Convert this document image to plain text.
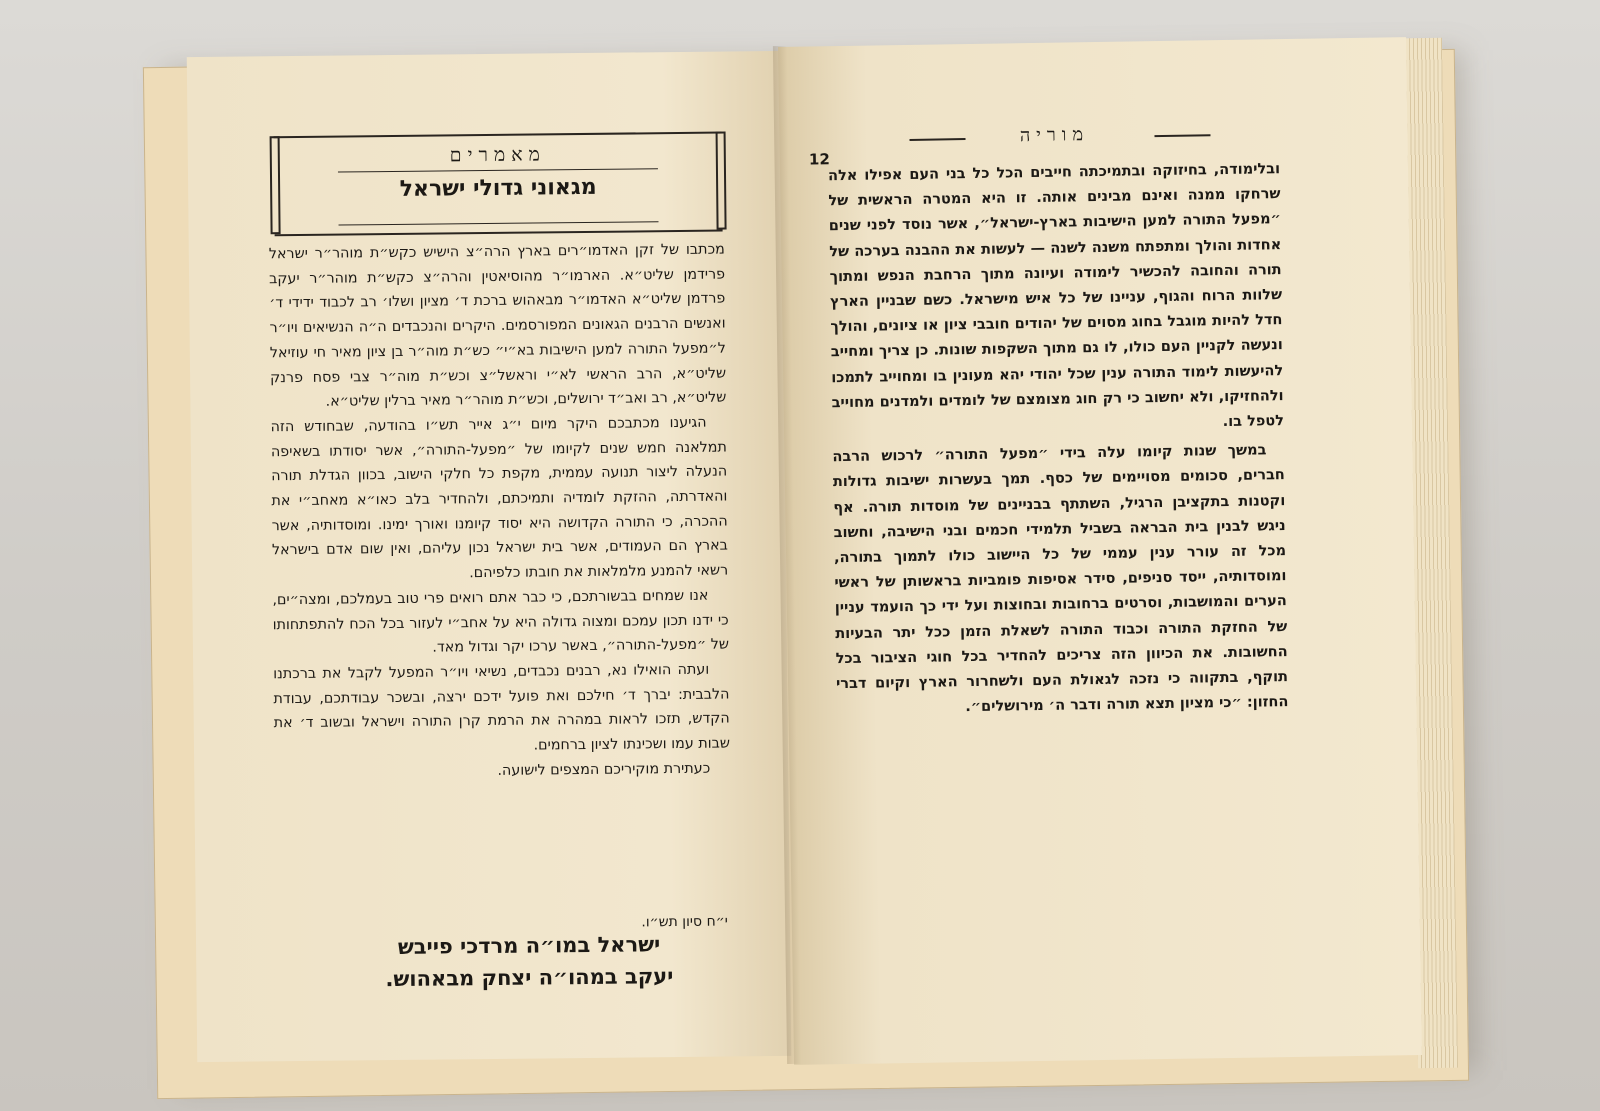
מאמרים
מגאוני גדולי ישראל

מכתבו של זקן האדמו״רים בארץ הרה״צ הישיש כקש״ת מוהר״ר ישראל פרידמן שליט״א. הארמו״ר מהוסיאטין והרה״צ כקש״ת מוהר״ר יעקב פרדמן שליט״א האדמו״ר מבאהוש ברכת ד׳ מציון ושלו׳ רב לכבוד ידידי ד׳ ואנשים הרבנים הגאונים המפורסמים. היקרים והנכבדים ה״ה הנשיאים ויו״ר ל״מפעל התורה למען הישיבות בא״י״ כש״ת מוה״ר בן ציון מאיר חי עוזיאל שליט״א, הרב הראשי לא״י וראשל״צ וכש״ת מוה״ר צבי פסח פרנק שליט״א, רב ואב״ד ירושלים, וכש״ת מוהר״ר מאיר ברלין שליט״א.

הגיענו מכתבכם היקר מיום י״ג אייר תש״ו בהודעה, שבחודש הזה תמלאנה חמש שנים לקיומו של ״מפעל-התורה״, אשר יסודתו בשאיפה הנעלה ליצור תנועה עממית, מקפת כל חלקי הישוב, בכוון הגדלת תורה והאדרתה, ההזקת לומדיה ותמיכתם, ולהחדיר בלב כאו״א מאחב״י את ההכרה, כי התורה הקדושה היא יסוד קיומנו ואורך ימינו. ומוסדותיה, אשר בארץ הם העמודים, אשר בית ישראל נכון עליהם, ואין שום אדם בישראל רשאי להמנע מלמלאות את חובתו כלפיהם.

אנו שמחים בבשורתכם, כי כבר אתם רואים פרי טוב בעמלכם, ומצה״ים, כי ידנו תכון עמכם ומצוה גדולה היא על אחב״י לעזור בכל הכח להתפתחותו של ״מפעל-התורה״, באשר ערכו יקר וגדול מאד.

ועתה הואילו נא, רבנים נכבדים, נשיאי ויו״ר המפעל לקבל את ברכתנו הלבבית: יברך ד׳ חילכם ואת פועל ידכם ירצה, ובשכר עבודתכם, עבודת הקדש, תזכו לראות במהרה את הרמת קרן התורה וישראל ובשוב ד׳ את שבות עמו ושכינתו לציון ברחמים.

כעתירת מוקיריכם המצפים לישועה.

י״ח סיון תש״ו.
ישראל במו״ה מרדכי פייבש
יעקב במהו״ה יצחק מבאהוש.
מוריה
12

ובלימודה, בחיזוקה ובתמיכתה חייבים הכל כל בני העם אפילו אלה שרחקו ממנה ואינם מבינים אותה. זו היא המטרה הראשית של ״מפעל התורה למען הישיבות בארץ-ישראל״, אשר נוסד לפני שנים אחדות והולך ומתפתח משנה לשנה — לעשות את ההבנה בערכה של תורה והחובה להכשיר לימודה ועיונה מתוך הרחבת הנפש ומתוך שלוות הרוח והגוף, עניינו של כל איש מישראל. כשם שבניין הארץ חדל להיות מוגבל בחוג מסוים של יהודים חובבי ציון או ציונים, והולך ונעשה לקניין העם כולו, לו גם מתוך השקפות שונות. כן צריך ומחייב להיעשות לימוד התורה ענין שכל יהודי יהא מעונין בו ומחוייב לתמכו ולהחזיקו, ולא יחשוב כי רק חוג מצומצם של לומדים ולמדנים מחוייב לטפל בו.

במשך שנות קיומו עלה בידי ״מפעל התורה״ לרכוש הרבה חברים, סכומים מסויימים של כסף. תמך בעשרות ישיבות גדולות וקטנות בתקציבן הרגיל, השתתף בבניינים של מוסדות תורה. אף ניגש לבנין בית הבראה בשביל תלמידי חכמים ובני הישיבה, וחשוב מכל זה עורר ענין עממי של כל היישוב כולו לתמוך בתורה, ומוסדותיה, ייסד סניפים, סידר אסיפות פומביות בראשותן של ראשי הערים והמושבות, וסרטים ברחובות ובחוצות ועל ידי כך הועמד עניין של החזקת התורה וכבוד התורה לשאלת הזמן ככל יתר הבעיות החשובות. את הכיוון הזה צריכים להחדיר בכל חוגי הציבור בכל תוקף, בתקווה כי נזכה לגאולת העם ולשחרור הארץ וקיום דברי החזון: ״כי מציון תצא תורה ודבר ה׳ מירושלים״.
